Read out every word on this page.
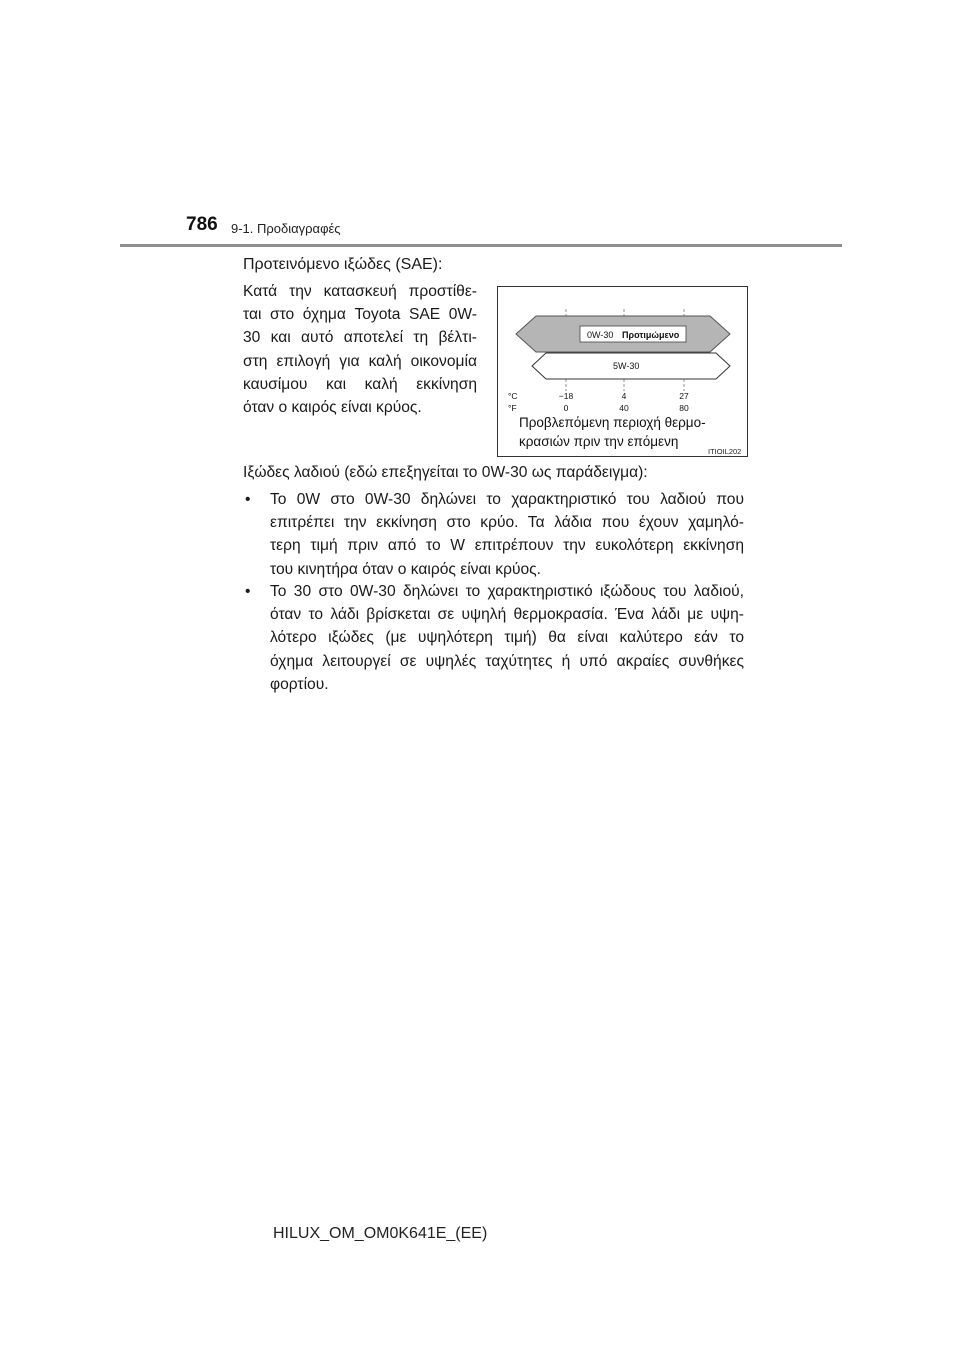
786 9-1. Προδιαγραφές
Προτεινόμενο ιξώδες (SAE):
Κατά την κατασκευή προστίθε-
ται στο όχημα Toyota SAE 0W-
30 και αυτό αποτελεί τη βέλτι-
στη επιλογή για καλή οικονομία
καυσίμου και καλή εκκίνηση
όταν ο καιρός είναι κρύος.
0W-30 Προτιμώμενο
5W-30
°C
°F
−18	4	27
0	40	80
Προβλεπόμενη περιοχή θερμο-
κρασιών πριν την επόμενη
ITIOIL202
Ιξώδες λαδιού (εδώ επεξηγείται το 0W-30 ως παράδειγμα):
• Το 0W στο 0W-30 δηλώνει το χαρακτηριστικό του λαδιού που
επιτρέπει την εκκίνηση στο κρύο. Τα λάδια που έχουν χαμηλό-
τερη τιμή πριν από το W επιτρέπουν την ευκολότερη εκκίνηση
του κινητήρα όταν ο καιρός είναι κρύος.
• Το 30 στο 0W-30 δηλώνει το χαρακτηριστικό ιξώδους του λαδιού,
όταν το λάδι βρίσκεται σε υψηλή θερμοκρασία. Ένα λάδι με υψη-
λότερο ιξώδες (με υψηλότερη τιμή) θα είναι καλύτερο εάν το
όχημα λειτουργεί σε υψηλές ταχύτητες ή υπό ακραίες συνθήκες
φορτίου.
HILUX_OM_OM0K641E_(EE)
